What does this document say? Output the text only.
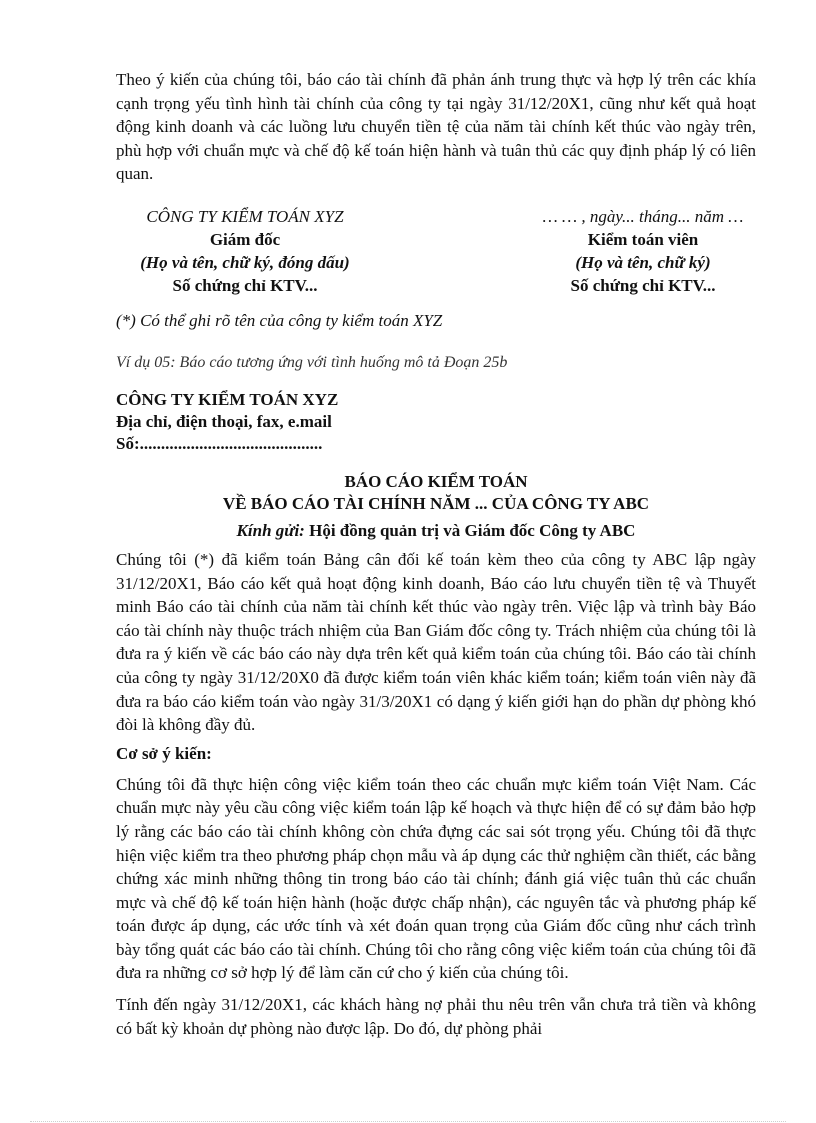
Theo ý kiến của chúng tôi, báo cáo tài chính đã phản ánh trung thực và hợp lý trên các khía cạnh trọng yếu tình hình tài chính của công ty tại ngày 31/12/20X1, cũng như kết quả hoạt động kinh doanh và các luồng lưu chuyển tiền tệ của năm tài chính kết thúc vào ngày trên, phù hợp với chuẩn mực và chế độ kế toán hiện hành và tuân thủ các quy định pháp lý có liên quan.

CÔNG TY KIỂM TOÁN XYZ
Giám đốc
(Họ và tên, chữ ký, đóng dấu)
Số chứng chỉ KTV...
… … , ngày... tháng... năm …
Kiểm toán viên
(Họ và tên, chữ ký)
Số chứng chỉ KTV...

(*) Có thể ghi rõ tên của công ty kiểm toán XYZ

Ví dụ 05: Báo cáo tương ứng với tình huống mô tả Đoạn 25b

CÔNG TY KIỂM TOÁN XYZ
Địa chỉ, điện thoại, fax, e.mail
Số:...........................................
BÁO CÁO KIỂM TOÁN
VỀ BÁO CÁO TÀI CHÍNH NĂM ... CỦA CÔNG TY ABC
Kính gửi: Hội đồng quản trị và Giám đốc Công ty ABC

Chúng tôi (*) đã kiểm toán Bảng cân đối kế toán kèm theo của công ty ABC lập ngày 31/12/20X1, Báo cáo kết quả hoạt động kinh doanh, Báo cáo lưu chuyển tiền tệ và Thuyết minh Báo cáo tài chính của năm tài chính kết thúc vào ngày trên. Việc lập và trình bày Báo cáo tài chính này thuộc trách nhiệm của Ban Giám đốc công ty. Trách nhiệm của chúng tôi là đưa ra ý kiến về các báo cáo này dựa trên kết quả kiểm toán của chúng tôi. Báo cáo tài chính của công ty ngày 31/12/20X0 đã được kiểm toán viên khác kiểm toán; kiểm toán viên này đã đưa ra báo cáo kiểm toán vào ngày 31/3/20X1 có dạng ý kiến giới hạn do phần dự phòng khó đòi là không đầy đủ.

Cơ sở ý kiến:

Chúng tôi đã thực hiện công việc kiểm toán theo các chuẩn mực kiểm toán Việt Nam. Các chuẩn mực này yêu cầu công việc kiểm toán lập kế hoạch và thực hiện để có sự đảm bảo hợp lý rằng các báo cáo tài chính không còn chứa đựng các sai sót trọng yếu. Chúng tôi đã thực hiện việc kiểm tra theo phương pháp chọn mẫu và áp dụng các thử nghiệm cần thiết, các bằng chứng xác minh những thông tin trong báo cáo tài chính; đánh giá việc tuân thủ các chuẩn mực và chế độ kế toán hiện hành (hoặc được chấp nhận), các nguyên tắc và phương pháp kế toán được áp dụng, các ước tính và xét đoán quan trọng của Giám đốc cũng như cách trình bày tổng quát các báo cáo tài chính. Chúng tôi cho rằng công việc kiểm toán của chúng tôi đã đưa ra những cơ sở hợp lý để làm căn cứ cho ý kiến của chúng tôi.

Tính đến ngày 31/12/20X1, các khách hàng nợ phải thu nêu trên vẫn chưa trả tiền và không có bất kỳ khoản dự phòng nào được lập. Do đó, dự phòng phải
